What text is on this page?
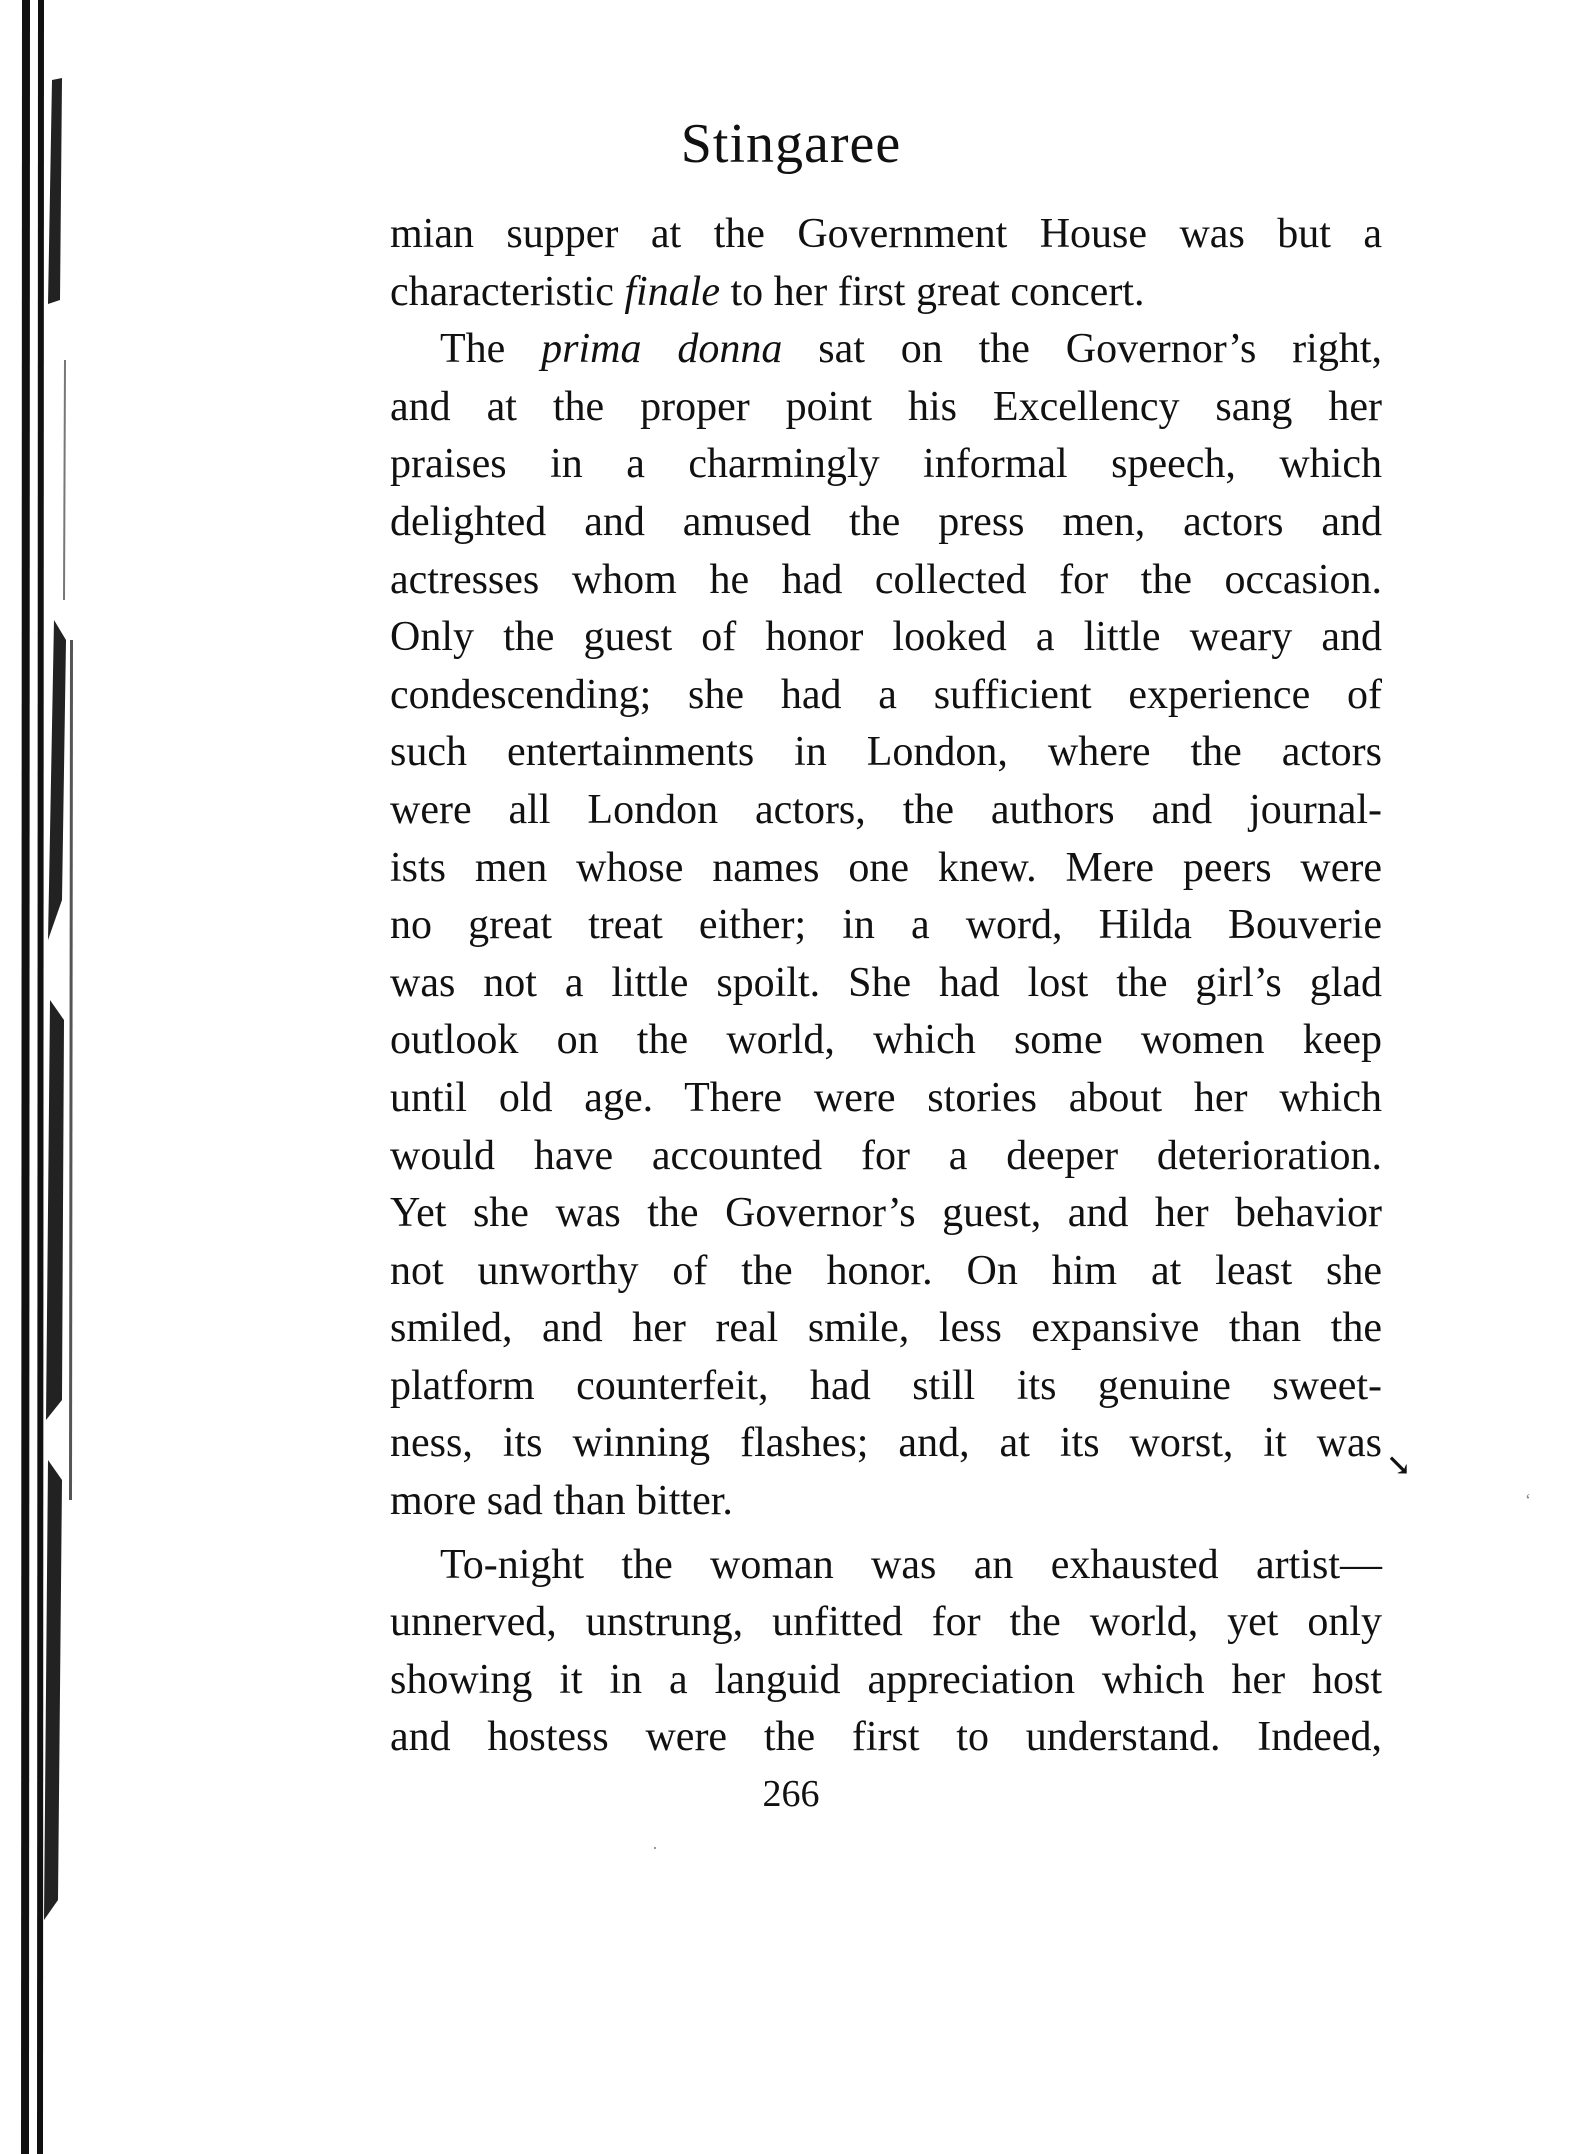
Stingaree
mian supper at the Government House was but a
characteristic finale to her first great concert.
The prima donna sat on the Governor’s right,
and at the proper point his Excellency sang her
praises in a charmingly informal speech, which
delighted and amused the press men, actors and
actresses whom he had collected for the occasion.
Only the guest of honor looked a little weary and
condescending; she had a sufficient experience of
such entertainments in London, where the actors
were all London actors, the authors and journal-
ists men whose names one knew. Mere peers were
no great treat either; in a word, Hilda Bouverie
was not a little spoilt. She had lost the girl’s glad
outlook on the world, which some women keep
until old age. There were stories about her which
would have accounted for a deeper deterioration.
Yet she was the Governor’s guest, and her behavior
not unworthy of the honor. On him at least she
smiled, and her real smile, less expansive than the
platform counterfeit, had still its genuine sweet-
ness, its winning flashes; and, at its worst, it was
more sad than bitter.
To-night the woman was an exhausted artist—
unnerved, unstrung, unfitted for the world, yet only
showing it in a languid appreciation which her host
and hostess were the first to understand. Indeed,
↘
·
‘
266
